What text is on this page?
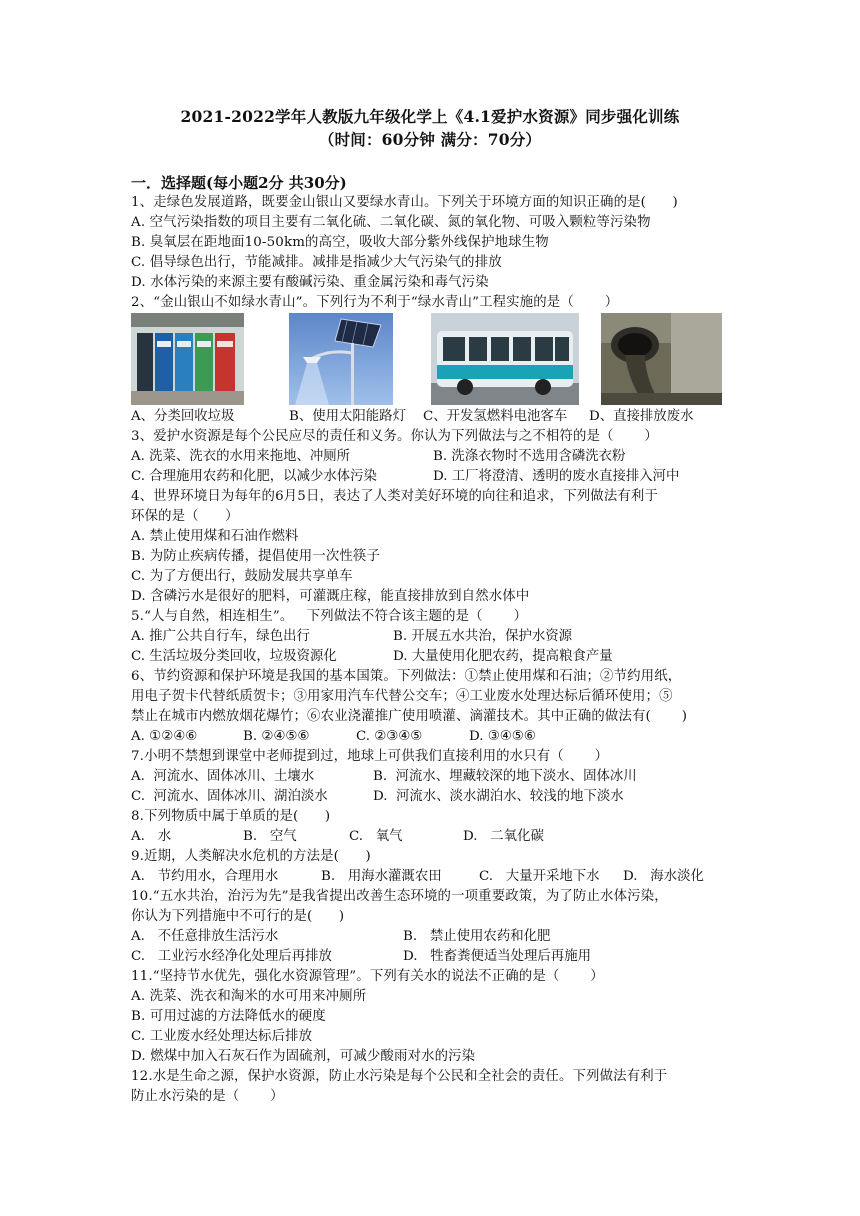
2021-2022学年人教版九年级化学上《4.1爱护水资源》同步强化训练
（时间：60分钟 满分：70分）
一．选择题(每小题2分 共30分)
1、走绿色发展道路，既要金山银山又要绿水青山。下列关于环境方面的知识正确的是(      )
A. 空气污染指数的项目主要有二氧化硫、二氧化碳、氮的氧化物、可吸入颗粒等污染物
B. 臭氧层在距地面10-50km的高空，吸收大部分紫外线保护地球生物
C. 倡导绿色出行，节能减排。减排是指减少大气污染气的排放
D. 水体污染的来源主要有酸碱污染、重金属污染和毒气污染
2、“金山银山不如绿水青山”。下列行为不利于“绿水青山”工程实施的是（       ）

A、分类回收垃圾

	B、使用太阳能路灯

C、开发氢燃料电池客车

D、直接排放废水

3、爱护水资源是每个公民应尽的责任和义务。你认为下列做法与之不相符的是（       ）

A. 洗菜、洗衣的水用来拖地、冲厕所

	B. 洗涤衣物时不选用含磷洗衣粉

C. 合理施用农药和化肥，以减少水体污染

	D. 工厂将澄清、透明的废水直接排入河中

4、世界环境日为每年的6月5日，表达了人类对美好环境的向往和追求，下列做法有利于
环保的是（      ）
A. 禁止使用煤和石油作燃料
B. 为防止疾病传播，提倡使用一次性筷子
C. 为了方便出行，鼓励发展共享单车
D. 含磷污水是很好的肥料，可灌溉庄稼，能直接排放到自然水体中
5.“人与自然，相连相生”。   下列做法不符合该主题的是（       ）

A. 推广公共自行车，绿色出行

	B. 开展五水共治，保护水资源

C. 生活垃圾分类回收，垃圾资源化

	D. 大量使用化肥农药，提高粮食产量

6、节约资源和保护环境是我国的基本国策。下列做法：①禁止使用煤和石油；②节约用纸，
用电子贺卡代替纸质贺卡；③用家用汽车代替公交车；④工业废水处理达标后循环使用；⑤
禁止在城市内燃放烟花爆竹；⑥农业浇灌推广使用喷灌、滴灌技术。其中正确的做法有(       )

A. ①②④⑥

	B. ②④⑤⑥

	C. ②③④⑤

	D. ③④⑤⑥

7.小明不禁想到课堂中老师提到过，地球上可供我们直接利用的水只有（       ）

A.  河流水、固体冰川、土壤水

	B.  河流水、埋藏较深的地下淡水、固体冰川

C.  河流水、固体冰川、湖泊淡水

	D.  河流水、淡水湖泊水、较浅的地下淡水

8.下列物质中属于单质的是(      )

A.   水

	B.   空气

	C.   氧气

	D.   二氧化碳

9.近期，人类解决水危机的方法是(      )

A.   节约用水，合理用水

	B.   用海水灌溉农田

	C.   大量开采地下水

D.   海水淡化

10.“五水共治，治污为先”是我省提出改善生态环境的一项重要政策，为了防止水体污染，
你认为下列措施中不可行的是(      )

A.   不任意排放生活污水

	B.   禁止使用农药和化肥

C.   工业污水经净化处理后再排放

	D.   牲畜粪便适当处理后再施用

11.“坚持节水优先，强化水资源管理”。下列有关水的说法不正确的是（       ）
A. 洗菜、洗衣和淘米的水可用来冲厕所
B. 可用过滤的方法降低水的硬度
C. 工业废水经处理达标后排放
D. 燃煤中加入石灰石作为固硫剂，可减少酸雨对水的污染
12.水是生命之源，保护水资源，防止水污染是每个公民和全社会的责任。下列做法有利于
防止水污染的是（       ）
